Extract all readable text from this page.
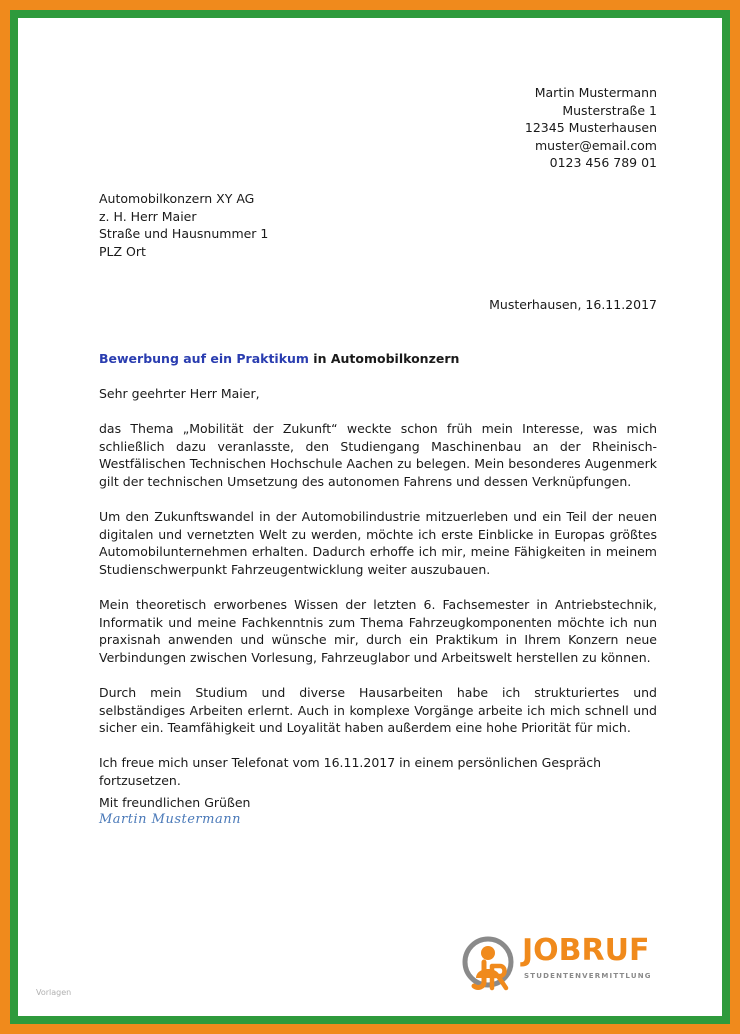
Martin Mustermann
Musterstraße 1
12345 Musterhausen
muster@email.com
0123 456 789 01
Automobilkonzern XY AG
z. H. Herr Maier
Straße und Hausnummer 1
PLZ Ort
Musterhausen, 16.11.2017
Bewerbung auf ein Praktikum in Automobilkonzern
Sehr geehrter Herr Maier,

das Thema „Mobilität der Zukunft“ weckte schon früh mein Interesse, was mich schließlich dazu veranlasste, den Studiengang Maschinenbau an der Rheinisch-Westfälischen Technischen Hochschule Aachen zu belegen. Mein besonderes Augenmerk gilt der technischen Umsetzung des autonomen Fahrens und dessen Verknüpfungen.

Um den Zukunftswandel in der Automobilindustrie mitzuerleben und ein Teil der neuen digitalen und vernetzten Welt zu werden, möchte ich erste Einblicke in Europas größtes Automobilunternehmen erhalten. Dadurch erhoffe ich mir, meine Fähigkeiten in meinem Studienschwerpunkt Fahrzeugentwicklung weiter auszubauen.

Mein theoretisch erworbenes Wissen der letzten 6. Fachsemester in Antriebstechnik, Informatik und meine Fachkenntnis zum Thema Fahrzeugkomponenten möchte ich nun praxisnah anwenden und wünsche mir, durch ein Praktikum in Ihrem Konzern neue Verbindungen zwischen Vorlesung, Fahrzeuglabor und Arbeitswelt herstellen zu können.

Durch mein Studium und diverse Hausarbeiten habe ich strukturiertes und selbständiges Arbeiten erlernt. Auch in komplexe Vorgänge arbeite ich mich schnell und sicher ein. Teamfähigkeit und Loyalität haben außerdem eine hohe Priorität für mich.

Ich freue mich unser Telefonat vom 16.11.2017 in einem persönlichen Gespräch fortzusetzen.

Mit freundlichen Grüßen
Martin Mustermann
JOBRUF
STUDENTENVERMITTLUNG
Vorlagen
